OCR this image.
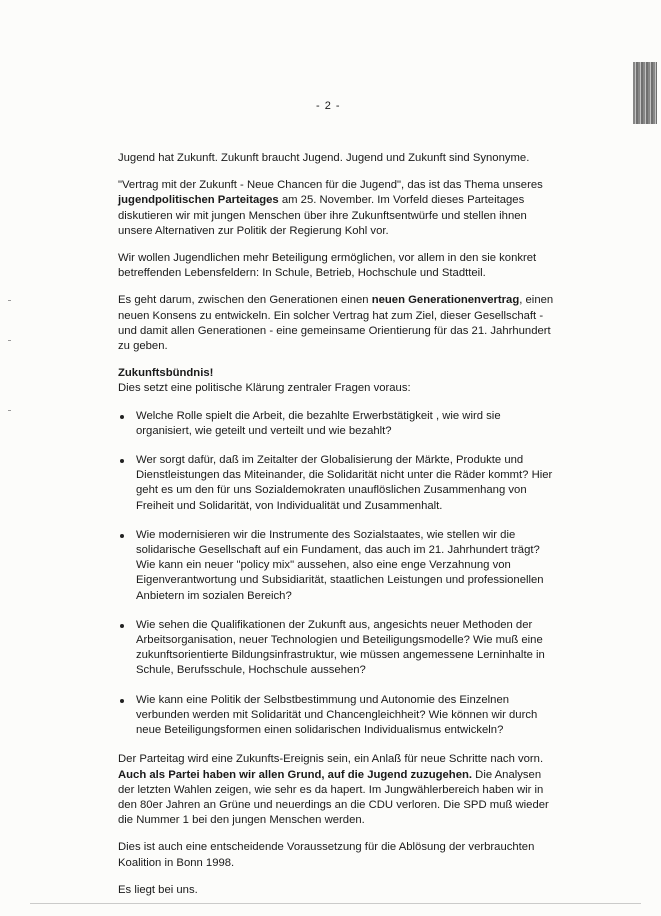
- 2 -

Jugend hat Zukunft. Zukunft braucht Jugend. Jugend und Zukunft sind Synonyme.

"Vertrag mit der Zukunft - Neue Chancen für die Jugend", das ist das Thema unseres jugendpolitischen Parteitages am 25. November. Im Vorfeld dieses Parteitages diskutieren wir mit jungen Menschen über ihre Zukunftsentwürfe und stellen ihnen unsere Alternativen zur Politik der Regierung Kohl vor.

Wir wollen Jugendlichen mehr Beteiligung ermöglichen, vor allem in den sie konkret betreffenden Lebensfeldern: In Schule, Betrieb, Hochschule und Stadtteil.

Es geht darum, zwischen den Generationen einen neuen Generationenvertrag, einen neuen Konsens zu entwickeln. Ein solcher Vertrag hat zum Ziel, dieser Gesellschaft - und damit allen Generationen - eine gemeinsame Orientierung für das 21. Jahrhundert zu geben.

Zukunftsbündnis!
Dies setzt eine politische Klärung zentraler Fragen voraus:

Welche Rolle spielt die Arbeit, die bezahlte Erwerbstätigkeit , wie wird sie organisiert, wie geteilt und verteilt und wie bezahlt?
Wer sorgt dafür, daß im Zeitalter der Globalisierung der Märkte, Produkte und Dienstleistungen das Miteinander, die Solidarität nicht unter die Räder kommt? Hier geht es um den für uns Sozialdemokraten unauflöslichen Zusammenhang von Freiheit und Solidarität, von Individualität und Zusammenhalt.
Wie modernisieren wir die Instrumente des Sozialstaates, wie stellen wir die solidarische Gesellschaft auf ein Fundament, das auch im 21. Jahrhundert trägt? Wie kann ein neuer "policy mix" aussehen, also eine enge Verzahnung von Eigenverantwortung und Subsidiarität, staatlichen Leistungen und professionellen Anbietern im sozialen Bereich?
Wie sehen die Qualifikationen der Zukunft aus, angesichts neuer Methoden der Arbeitsorganisation, neuer Technologien und Beteiligungsmodelle? Wie muß eine zukunftsorientierte Bildungsinfrastruktur, wie müssen angemessene Lerninhalte in Schule, Berufsschule, Hochschule aussehen?
Wie kann eine Politik der Selbstbestimmung und Autonomie des Einzelnen verbunden werden mit Solidarität und Chancengleichheit? Wie können wir durch neue Beteiligungsformen einen solidarischen Individualismus entwickeln?

Der Parteitag wird eine Zukunfts-Ereignis sein, ein Anlaß für neue Schritte nach vorn. Auch als Partei haben wir allen Grund, auf die Jugend zuzugehen. Die Analysen der letzten Wahlen zeigen, wie sehr es da hapert. Im Jungwählerbereich haben wir in den 80er Jahren an Grüne und neuerdings an die CDU verloren. Die SPD muß wieder die Nummer 1 bei den jungen Menschen werden.

Dies ist auch eine entscheidende Voraussetzung für die Ablösung der verbrauchten Koalition in Bonn 1998.

Es liegt bei uns.
